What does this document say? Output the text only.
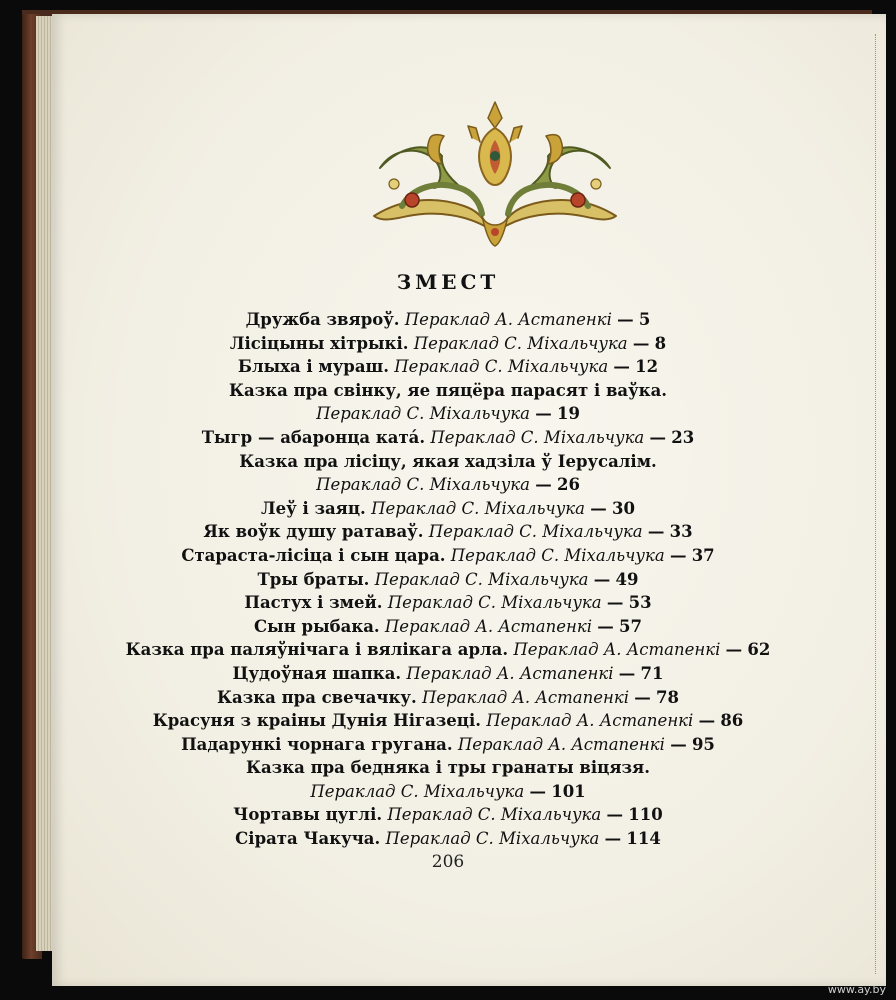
ЗМЕСТ
Дружба звяроў. Пераклад А. Астапенкі — 5
Лісіцыны хітрыкі. Пераклад С. Міхальчука — 8
Блыха і мураш. Пераклад С. Міхальчука — 12
Казка пра свінку, яе пяцёра парасят і ваўка.
Пераклад С. Міхальчука — 19
Тыгр — абаронца катá. Пераклад С. Міхальчука — 23
Казка пра лісіцу, якая хадзіла ў Іерусалім.
Пераклад С. Міхальчука — 26
Леў і заяц. Пераклад С. Міхальчука — 30
Як воўк душу ратаваў. Пераклад С. Міхальчука — 33
Стараста-лісіца і сын цара. Пераклад С. Міхальчука — 37
Тры браты. Пераклад С. Міхальчука — 49
Пастух і змей. Пераклад С. Міхальчука — 53
Сын рыбака. Пераклад А. Астапенкі — 57
Казка пра паляўнічага і вялікага арла. Пераклад А. Астапенкі — 62
Цудоўная шапка. Пераклад А. Астапенкі — 71
Казка пра свечачку. Пераклад А. Астапенкі — 78
Красуня з краіны Дунія Нігазеці. Пераклад А. Астапенкі — 86
Падарункі чорнага гругана. Пераклад А. Астапенкі — 95
Казка пра бедняка і тры гранаты віцязя.
Пераклад С. Міхальчука — 101
Чортавы цуглі. Пераклад С. Міхальчука — 110
Сірата Чакуча. Пераклад С. Міхальчука — 114
206
www.ay.by
